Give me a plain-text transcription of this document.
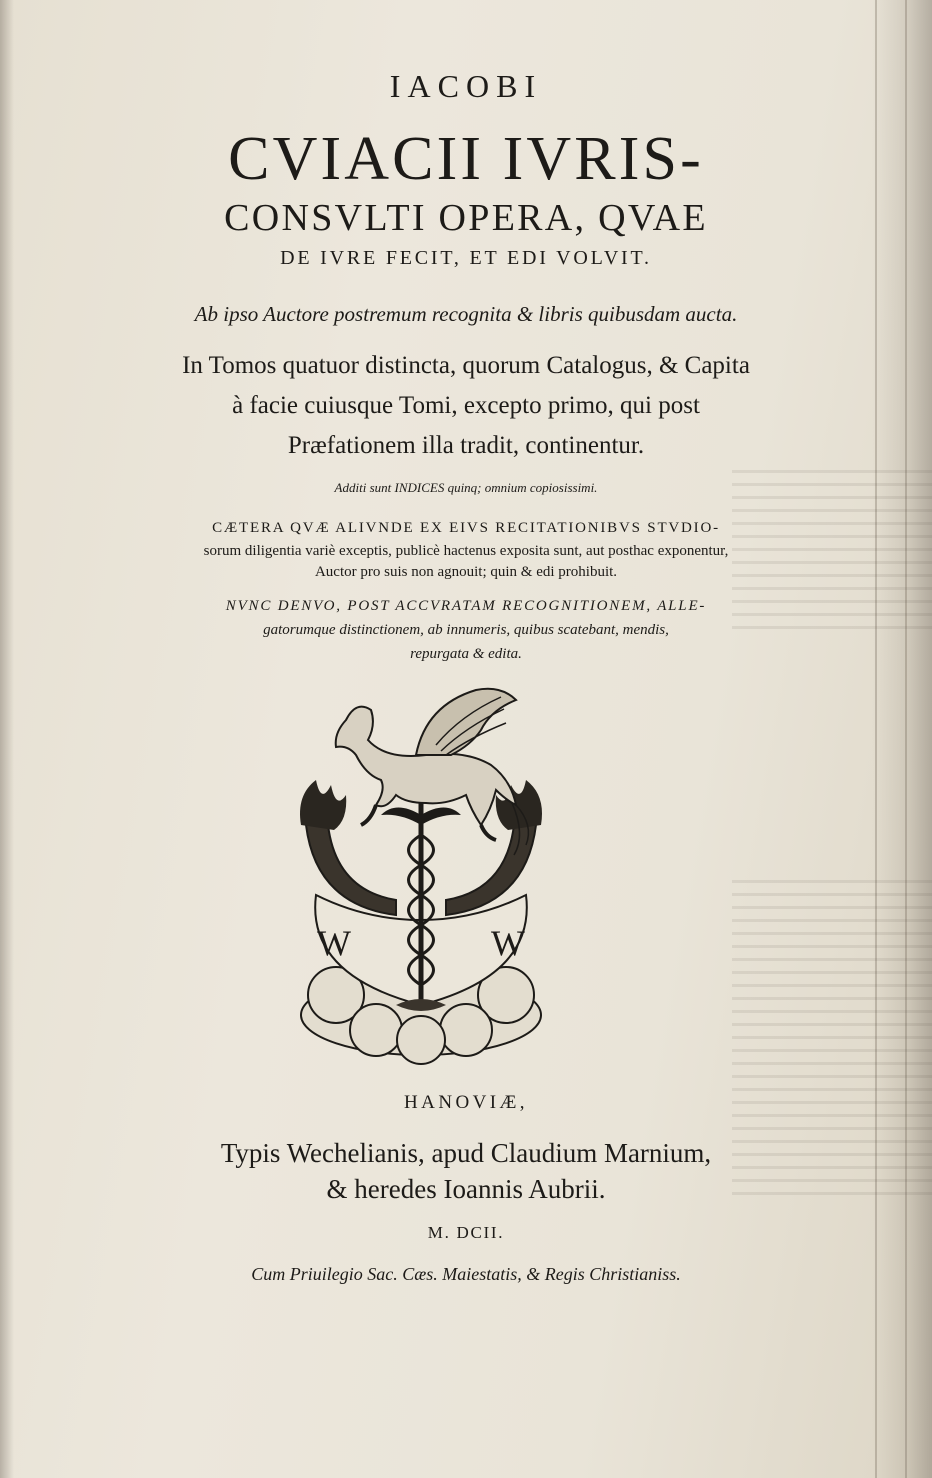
IACOBI
CVIACII IVRIS-
CONSVLTI OPERA, QVAE
DE IVRE FECIT, ET EDI VOLVIT.
Ab ipso Auctore postremum recognita & libris quibusdam aucta.
In Tomos quatuor distincta, quorum Catalogus, & Capita
à facie cuiusque Tomi, excepto primo, qui post
Præfationem illa tradit, continentur.
Additi sunt INDICES quinq; omnium copiosissimi.
CÆTERA QVÆ ALIVNDE EX EIVS RECITATIONIBVS STVDIO-
sorum diligentia variè exceptis, publicè hactenus exposita sunt, aut posthac exponentur,
Auctor pro suis non agnouit; quin & edi prohibuit.
NVNC DENVO, POST ACCVRATAM RECOGNITIONEM, ALLE-
gatorumque distinctionem, ab innumeris, quibus scatebant, mendis,
repurgata & edita.
W	W
HANOVIÆ,
Typis Wechelianis, apud Claudium Marnium,
& heredes Ioannis Aubrii.
M. DCII.
Cum Priuilegio Sac. Cæs. Maiestatis, & Regis Christianiss.
